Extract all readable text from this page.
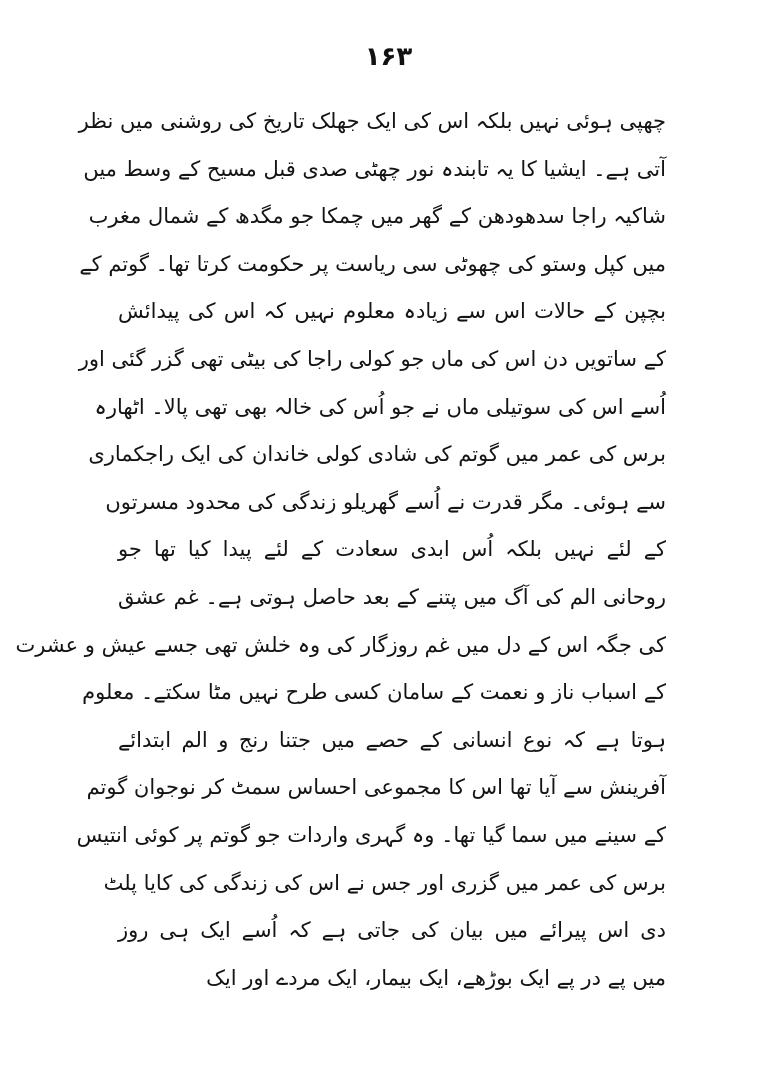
۱۶۳
چھپی ہوئی نہیں بلکہ اس کی ایک جھلک تاریخ کی روشنی میں نظر
آتی ہے۔ ایشیا کا یہ تابندہ نور چھٹی صدی قبل مسیح کے وسط میں
شاکیہ راجا سدھودھن کے گھر میں چمکا جو مگدھ کے شمال مغرب
میں کپل وستو کی چھوٹی سی ریاست پر حکومت کرتا تھا۔ گوتم کے
بچپن کے حالات اس سے زیادہ معلوم نہیں کہ اس کی پیدائش
کے ساتویں دن اس کی ماں جو کولی راجا کی بیٹی تھی گزر گئی اور
اُسے اس کی سوتیلی ماں نے جو اُس کی خالہ بھی تھی پالا۔ اٹھارہ
برس کی عمر میں گوتم کی شادی کولی خاندان کی ایک راجکماری
سے ہوئی۔ مگر قدرت نے اُسے گھریلو زندگی کی محدود مسرتوں
کے لئے نہیں بلکہ اُس ابدی سعادت کے لئے پیدا کیا تھا جو
روحانی الم کی آگ میں پتنے کے بعد حاصل ہوتی ہے۔ غم عشق
کی جگہ اس کے دل میں غم روزگار کی وہ خلش تھی جسے عیش و عشرت
کے اسباب ناز و نعمت کے سامان کسی طرح نہیں مٹا سکتے۔ معلوم
ہوتا ہے کہ نوع انسانی کے حصے میں جتنا رنج و الم ابتدائے
آفرینش سے آیا تھا اس کا مجموعی احساس سمٹ کر نوجوان گوتم
کے سینے میں سما گیا تھا۔ وہ گہری واردات جو گوتم پر کوئی انتیس
برس کی عمر میں گزری اور جس نے اس کی زندگی کی کایا پلٹ
دی اس پیرائے میں بیان کی جاتی ہے کہ اُسے ایک ہی روز
میں پے در پے ایک بوڑھے، ایک بیمار، ایک مردے اور ایک
